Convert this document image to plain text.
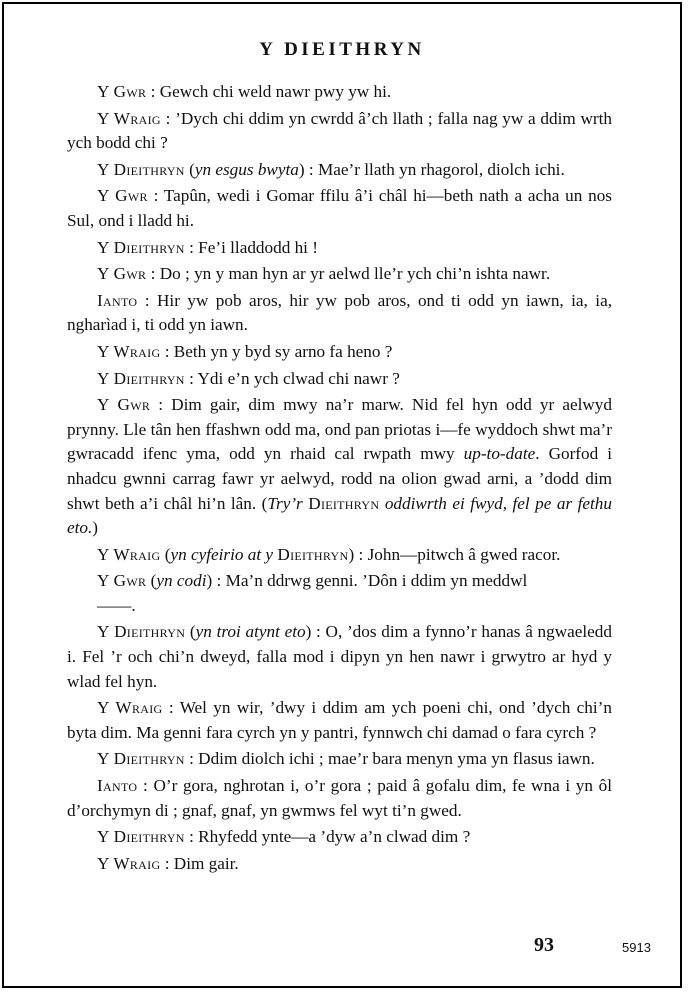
Y DIEITHRYN

Y Gwr : Gewch chi weld nawr pwy yw hi.

Y Wraig : ’Dych chi ddim yn cwrdd â’ch llath ; falla nag yw a ddim wrth ych bodd chi ?

Y Dieithryn (yn esgus bwyta) : Mae’r llath yn rhagorol, diolch ichi.

Y Gwr : Tapûn, wedi i Gomar ffilu â’i châl hi—beth nath a acha un nos Sul, ond i lladd hi.

Y Dieithryn : Fe’i lladdodd hi !

Y Gwr : Do ; yn y man hyn ar yr aelwd lle’r ych chi’n ishta nawr.

Ianto : Hir yw pob aros, hir yw pob aros, ond ti odd yn iawn, ia, ia, ngharìad i, ti odd yn iawn.

Y Wraig : Beth yn y byd sy arno fa heno ?

Y Dieithryn : Ydi e’n ych clwad chi nawr ?

Y Gwr : Dim gair, dim mwy na’r marw. Nid fel hyn odd yr aelwyd prynny. Lle tân hen ffashwn odd ma, ond pan priotas i—fe wyddoch shwt ma’r gwracadd ifenc yma, odd yn rhaid cal rwpath mwy up-to-date. Gorfod i nhadcu gwnni carrag fawr yr aelwyd, rodd na olion gwad arni, a ’dodd dim shwt beth a’i châl hi’n lân. (Try’r Dieithryn oddiwrth ei fwyd, fel pe ar fethu eto.)

Y Wraig (yn cyfeirio at y Dieithryn) : John—pitwch â gwed racor.

Y Gwr (yn codi) : Ma’n ddrwg genni. ’Dôn i ddim yn meddwl
——.

Y Dieithryn (yn troi atynt eto) : O, ’dos dim a fynno’r hanas â ngwaeledd i. Fel ’r och chi’n dweyd, falla mod i dipyn yn hen nawr i grwytro ar hyd y wlad fel hyn.

Y Wraig : Wel yn wir, ’dwy i ddim am ych poeni chi, ond ’dych chi’n byta dim. Ma genni fara cyrch yn y pantri, fynnwch chi damad o fara cyrch ?

Y Dieithryn : Ddim diolch ichi ; mae’r bara menyn yma yn flasus iawn.

Ianto : O’r gora, nghrotan i, o’r gora ; paid â gofalu dim, fe wna i yn ôl d’orchymyn di ; gnaf, gnaf, yn gwmws fel wyt ti’n gwed.

Y Dieithryn : Rhyfedd ynte—a ’dyw a’n clwad dim ?

Y Wraig : Dim gair.

93	5913
